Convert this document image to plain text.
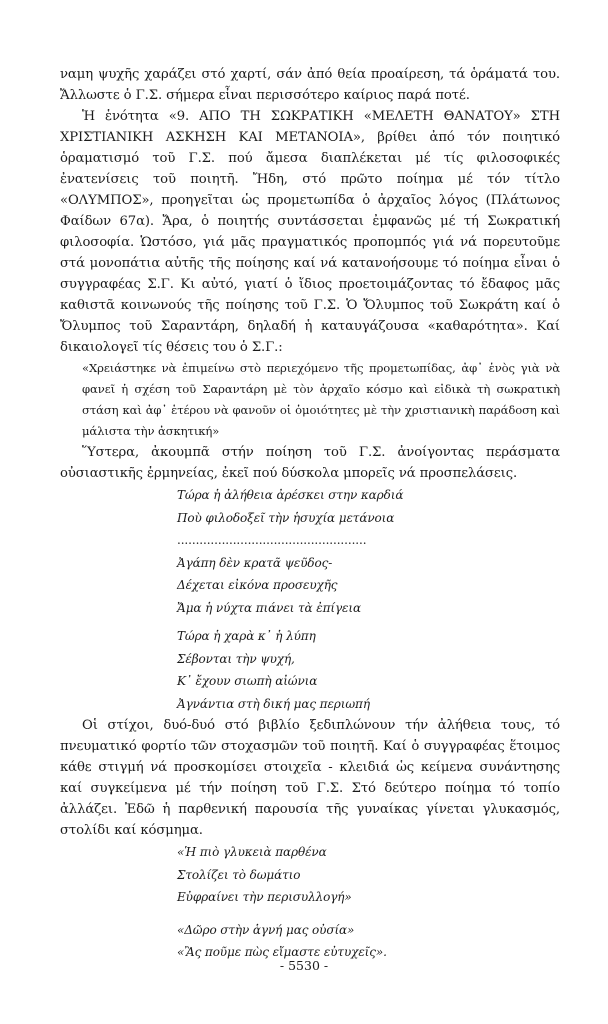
ναμη ψυχῆς χαράζει στό χαρτί, σάν ἀπό θεία προαίρεση, τά ὁράματά του. Ἄλλωστε ὁ Γ.Σ. σήμερα εἶναι περισσότερο καίριος παρά ποτέ.

Ἡ ἑνότητα «9. ΑΠΟ ΤΗ ΣΩΚΡΑΤΙΚΗ «ΜΕΛΕΤΗ ΘΑΝΑΤΟΥ» ΣΤΗ ΧΡΙΣΤΙΑΝΙΚΗ ΑΣΚΗΣΗ ΚΑΙ ΜΕΤΑΝΟΙΑ», βρίθει ἀπό τόν ποιητικό ὁραματισμό τοῦ Γ.Σ. πού ἄμεσα διαπλέκεται μέ τίς φιλοσοφικές ἐνατενίσεις τοῦ ποιητῆ. Ἤδη, στό πρῶτο ποίημα μέ τόν τίτλο «ΟΛΥΜΠΟΣ», προηγεῖται ὡς προμετωπίδα ὁ ἀρχαῖος λόγος (Πλάτωνος Φαίδων 67α). Ἄρα, ὁ ποιητής συντάσσεται ἐμφανῶς μέ τή Σωκρατική φιλοσοφία. Ὡστόσο, γιά μᾶς πραγματικός προπομπός γιά νά πορευτοῦμε στά μονοπάτια αὐτῆς τῆς ποίησης καί νά κατανοήσουμε τό ποίημα εἶναι ὁ συγγραφέας Σ.Γ. Κι αὐτό, γιατί ὁ ἴδιος προετοιμάζοντας τό ἔδαφος μᾶς καθιστᾶ κοινωνούς τῆς ποίησης τοῦ Γ.Σ. Ὁ Ὄλυμπος τοῦ Σωκράτη καί ὁ Ὄλυμπος τοῦ Σαραντάρη, δηλαδή ἡ καταυγάζουσα «καθαρότητα». Καί δικαιολογεῖ τίς θέσεις του ὁ Σ.Γ.:

«Χρειάστηκε νὰ ἐπιμείνω στὸ περιεχόμενο τῆς προμετωπίδας, ἀφ᾽ ἑνὸς γιὰ νὰ φανεῖ ἡ σχέση τοῦ Σαραντάρη μὲ τὸν ἀρχαῖο κόσμο καὶ εἰδικὰ τὴ σωκρατικὴ στάση καὶ ἀφ᾽ ἑτέρου νὰ φανοῦν οἱ ὁμοιότητες μὲ τὴν χριστιανικὴ παράδοση καὶ μάλιστα τὴν ἀσκητική»

Ὕστερα, ἀκουμπᾶ στήν ποίηση τοῦ Γ.Σ. ἀνοίγοντας περάσματα οὐσιαστικῆς ἑρμηνείας, ἐκεῖ πού δύσκολα μπορεῖς νά προσπελάσεις.

Τώρα ἡ ἀλήθεια ἀρέσκει στην καρδιά
Ποὺ φιλοδοξεῖ τὴν ἡσυχία μετάνοια
...................................................
Ἀγάπη δὲν κρατᾶ ψεῦδος-
Δέχεται εἰκόνα προσευχῆς
Ἄμα ἡ νύχτα πιάνει τὰ ἐπίγεια
Τώρα ἡ χαρὰ κ᾽ ἡ λύπη
Σέβονται τὴν ψυχή,
Κ᾽ ἔχουν σιωπὴ αἰώνια
Ἀγνάντια στὴ δική μας περιωπή

Οἱ στίχοι, δυό-δυό στό βιβλίο ξεδιπλώνουν τήν ἀλήθεια τους, τό πνευματικό φορτίο τῶν στοχασμῶν τοῦ ποιητῆ. Καί ὁ συγγραφέας ἕτοιμος κάθε στιγμή νά προσκομίσει στοιχεῖα - κλειδιά ὡς κείμενα συνάντησης καί συγκείμενα μέ τήν ποίηση τοῦ Γ.Σ. Στό δεύτερο ποίημα τό τοπίο ἀλλάζει. Ἐδῶ ἡ παρθενική παρουσία τῆς γυναίκας γίνεται γλυκασμός, στολίδι καί κόσμημα.

«Ἡ πιὸ γλυκειὰ παρθένα
Στολίζει τὸ δωμάτιο
Εὐφραίνει τὴν περισυλλογή»
«Δῶρο στὴν ἁγνή μας οὐσία»
«Ἂς ποῦμε πὼς εἴμαστε εὐτυχεῖς».
- 5530 -
